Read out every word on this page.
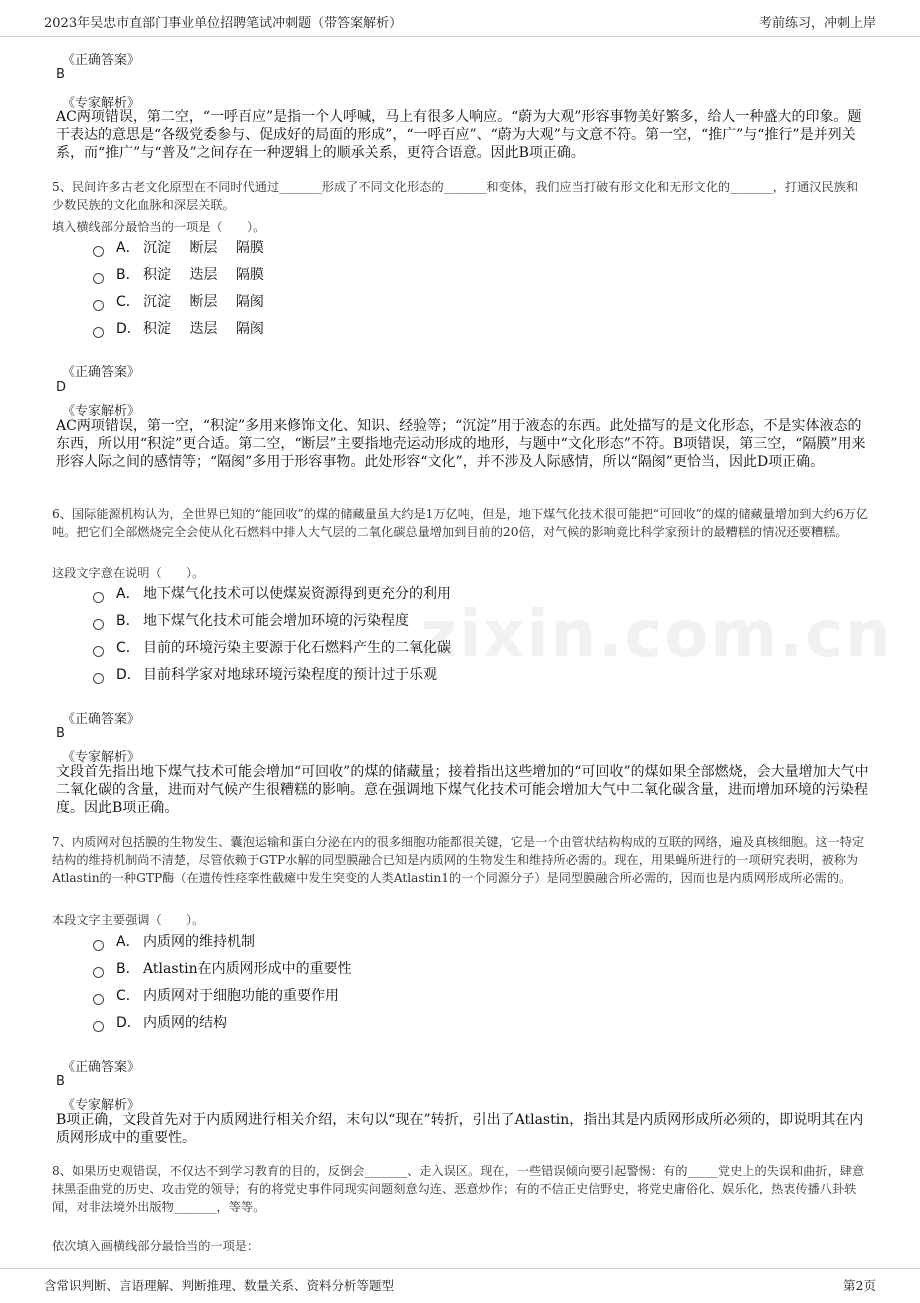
2023年吴忠市直部门事业单位招聘笔试冲刺题（带答案解析）	考前练习，冲刺上岸
zixin.com.cn
《正确答案》
B
《专家解析》
AC两项错误，第二空，“一呼百应”是指一个人呼喊，马上有很多人响应。“蔚为大观”形容事物美好繁多，给人一种盛大的印象。题干表达的意思是“各级党委参与、促成好的局面的形成”，“一呼百应”、“蔚为大观”与文意不符。第一空，“推广”与“推行”是并列关系，而“推广”与“普及”之间存在一种逻辑上的顺承关系，更符合语意。因此B项正确。
5、民间许多古老文化原型在不同时代通过_______形成了不同文化形态的_______和变体，我们应当打破有形文化和无形文化的_______，打通汉民族和少数民族的文化血脉和深层关联。
填入横线部分最恰当的一项是（　　）。
A． 沉淀 断层 隔膜
B． 积淀 迭层 隔膜
C． 沉淀 断层 隔阂
D． 积淀 迭层 隔阂
《正确答案》
D
《专家解析》
AC两项错误，第一空，“积淀”多用来修饰文化、知识、经验等；“沉淀”用于液态的东西。此处描写的是文化形态，不是实体液态的东西，所以用“积淀”更合适。第二空，“断层”主要指地壳运动形成的地形，与题中“文化形态”不符。B项错误，第三空，“隔膜”用来形容人际之间的感情等；“隔阂”多用于形容事物。此处形容“文化”，并不涉及人际感情，所以“隔阂”更恰当，因此D项正确。
6、国际能源机构认为，全世界已知的“能回收”的煤的储藏量虽大约是1万亿吨，但是，地下煤气化技术很可能把“可回收”的煤的储藏量增加到大约6万亿吨。把它们全部燃烧完全会使从化石燃料中排人大气层的二氧化碳总量增加到目前的20倍，对气候的影响竟比科学家预计的最糟糕的情况还要糟糕。
这段文字意在说明（　　）。
A． 地下煤气化技术可以使煤炭资源得到更充分的利用
B． 地下煤气化技术可能会增加环境的污染程度
C． 目前的环境污染主要源于化石燃料产生的二氧化碳
D． 目前科学家对地球环境污染程度的预计过于乐观
《正确答案》
B
《专家解析》
文段首先指出地下煤气技术可能会增加“可回收”的煤的储藏量；接着指出这些增加的“可回收”的煤如果全部燃烧，会大量增加大气中二氧化碳的含量，进而对气候产生很糟糕的影响。意在强调地下煤气化技术可能会增加大气中二氧化碳含量，进而增加环境的污染程度。因此B项正确。
7、内质网对包括膜的生物发生、囊泡运输和蛋白分泌在内的很多细胞功能都很关键，它是一个由管状结构构成的互联的网络，遍及真核细胞。这一特定结构的维持机制尚不清楚，尽管依赖于GTP水解的同型膜融合已知是内质网的生物发生和维持所必需的。现在，用果蝇所进行的一项研究表明，被称为Atlastin的一种GTP酶（在遗传性痉挛性截瘫中发生突变的人类Atlastin1的一个同源分子）是同型膜融合所必需的，因而也是内质网形成所必需的。
本段文字主要强调（　　）。
A． 内质网的维持机制
B． Atlastin在内质网形成中的重要性
C． 内质网对于细胞功能的重要作用
D． 内质网的结构
《正确答案》
B
《专家解析》
B项正确，文段首先对于内质网进行相关介绍，末句以“现在”转折，引出了Atlastin，指出其是内质网形成所必须的，即说明其在内质网形成中的重要性。
8、如果历史观错误，不仅达不到学习教育的目的，反倒会_______、走入误区。现在，一些错误倾向要引起警惕：有的_____党史上的失误和曲折，肆意抹黑歪曲党的历史、攻击党的领导；有的将党史事件同现实问题刻意勾连、恶意炒作；有的不信正史信野史，将党史庸俗化、娱乐化，热衷传播八卦轶闻，对非法境外出版物_______，等等。
依次填入画横线部分最恰当的一项是：
含常识判断、言语理解、判断推理、数量关系、资料分析等题型	第2页
